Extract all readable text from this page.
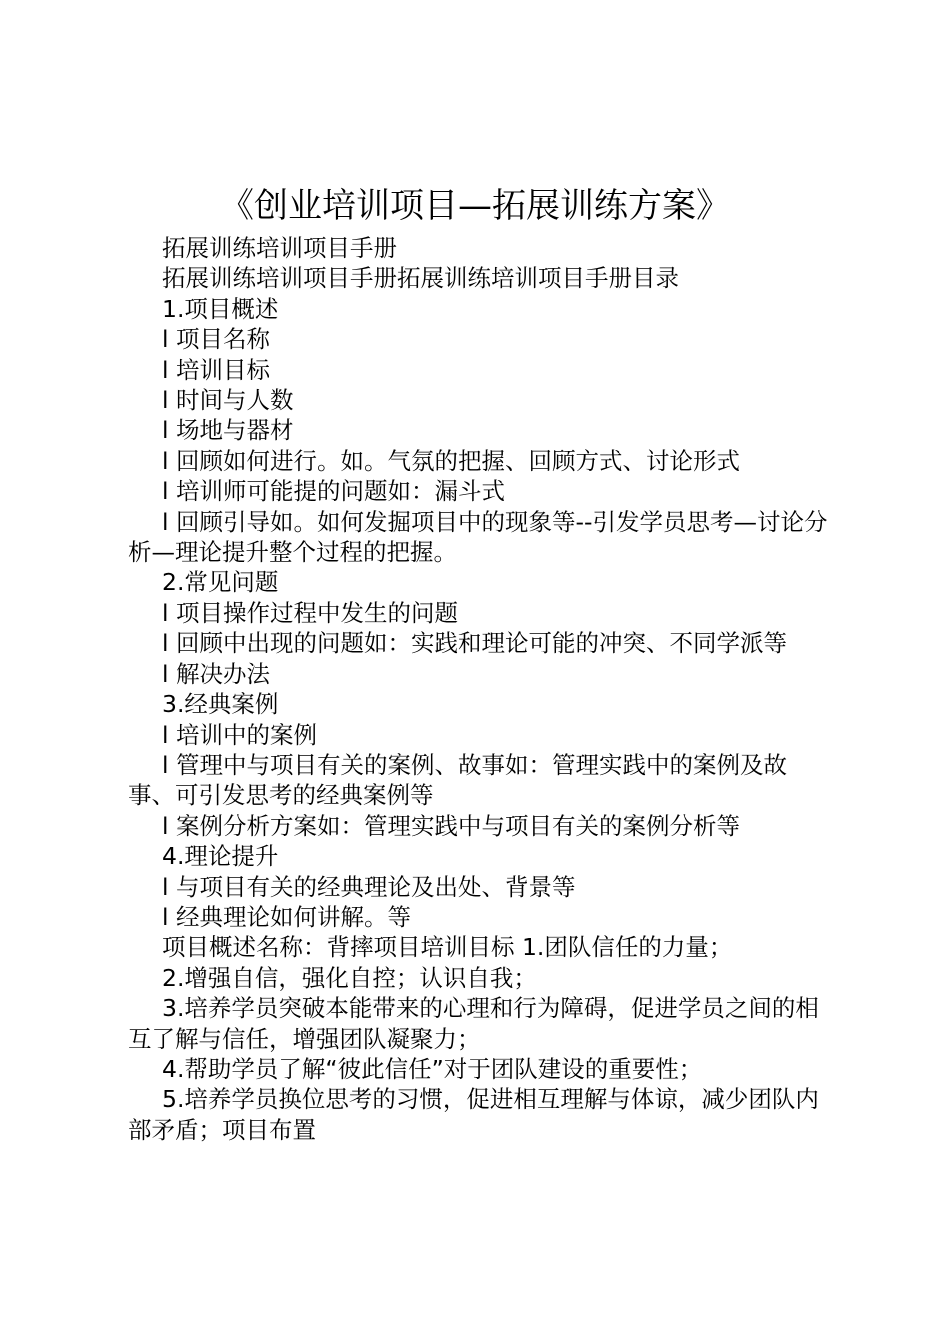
《创业培训项目—拓展训练方案》

拓展训练培训项目手册

拓展训练培训项目手册拓展训练培训项目手册目录

1.项目概述

l 项目名称

l 培训目标

l 时间与人数

l 场地与器材

l 回顾如何进行。如。气氛的把握、回顾方式、讨论形式

l 培训师可能提的问题如：漏斗式

l 回顾引导如。如何发掘项目中的现象等--引发学员思考—讨论分析—理论提升整个过程的把握。

2.常见问题

l 项目操作过程中发生的问题

l 回顾中出现的问题如：实践和理论可能的冲突、不同学派等

l 解决办法

3.经典案例

l 培训中的案例

l 管理中与项目有关的案例、故事如：管理实践中的案例及故事、可引发思考的经典案例等

l 案例分析方案如：管理实践中与项目有关的案例分析等

4.理论提升

l 与项目有关的经典理论及出处、背景等

l 经典理论如何讲解。等

项目概述名称：背摔项目培训目标 1.团队信任的力量；

2.增强自信，强化自控；认识自我；

3.培养学员突破本能带来的心理和行为障碍，促进学员之间的相互了解与信任，增强团队凝聚力；

4.帮助学员了解“彼此信任”对于团队建设的重要性；

5.培养学员换位思考的习惯，促进相互理解与体谅，减少团队内部矛盾；项目布置
